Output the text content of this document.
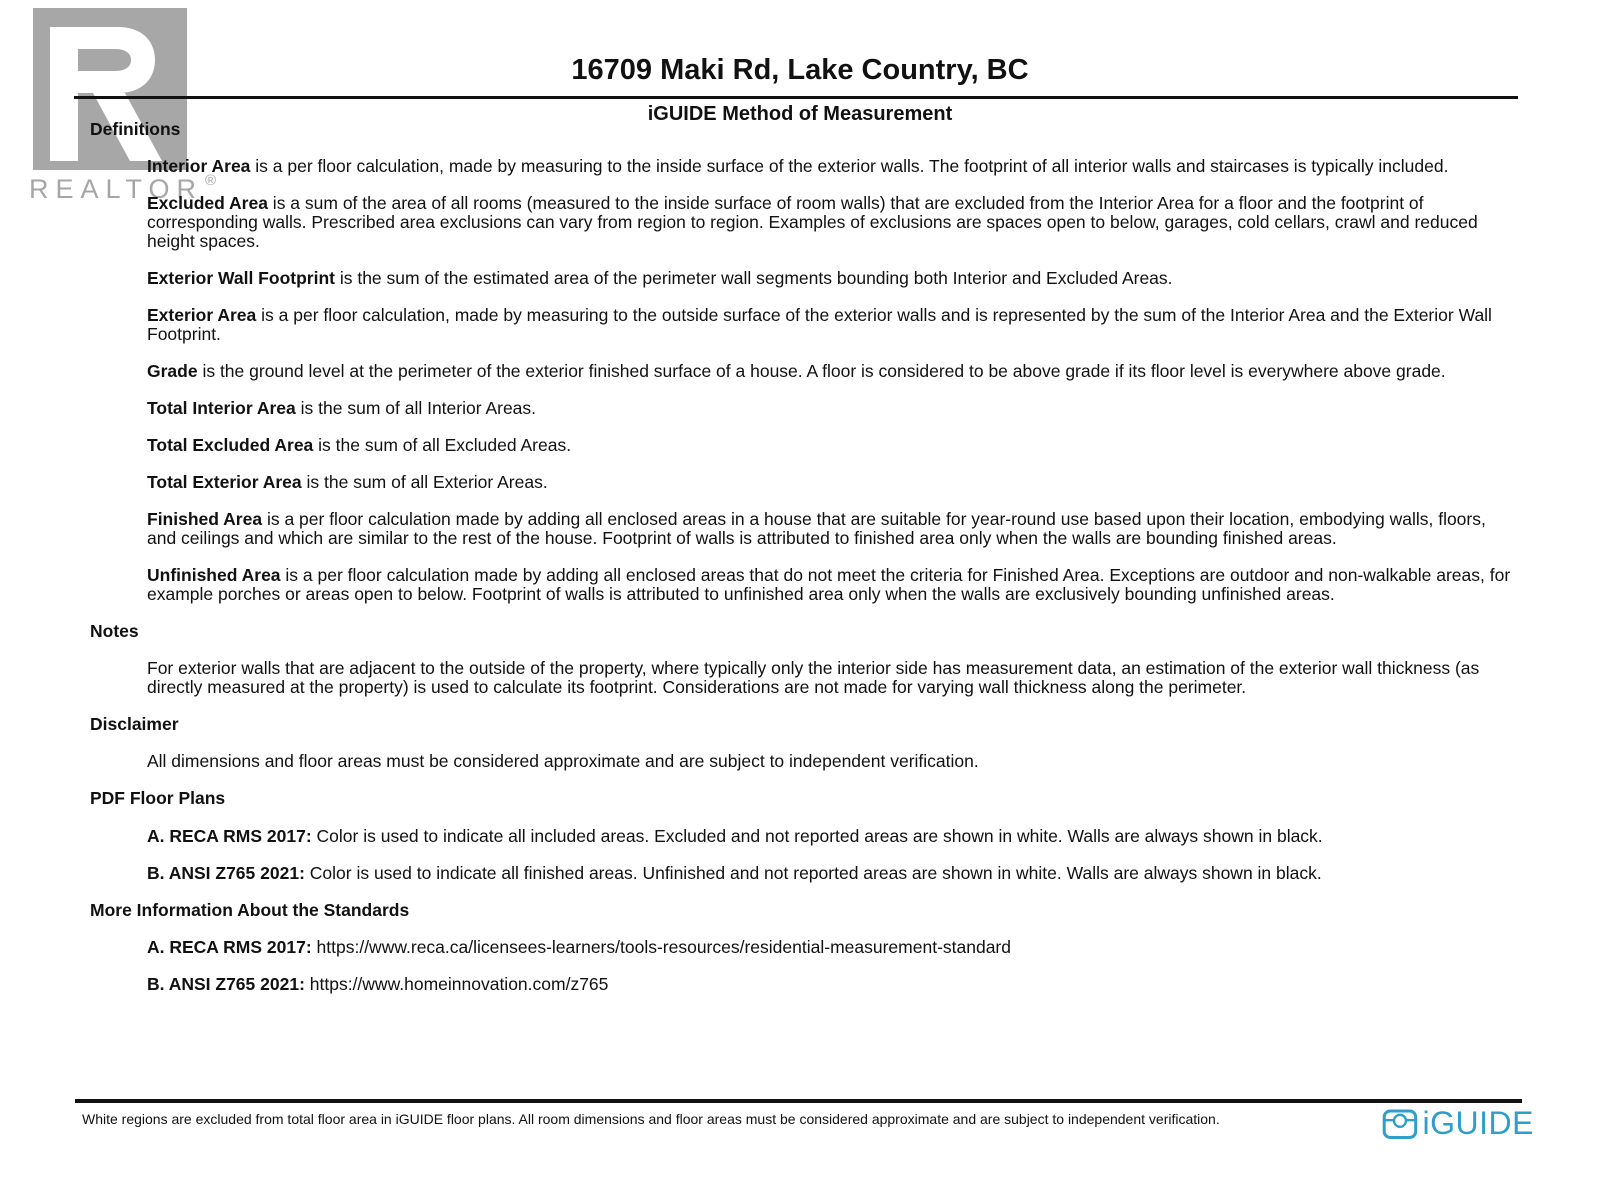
REALTOR ®
16709 Maki Rd, Lake Country, BC
iGUIDE Method of Measurement
Definitions

Interior Area is a per floor calculation, made by measuring to the inside surface of the exterior walls. The footprint of all interior walls and staircases is typically included.

Excluded Area is a sum of the area of all rooms (measured to the inside surface of room walls) that are excluded from the Interior Area for a floor and the footprint of corresponding walls. Prescribed area exclusions can vary from region to region. Examples of exclusions are spaces open to below, garages, cold cellars, crawl and reduced height spaces.

Exterior Wall Footprint is the sum of the estimated area of the perimeter wall segments bounding both Interior and Excluded Areas.

Exterior Area is a per floor calculation, made by measuring to the outside surface of the exterior walls and is represented by the sum of the Interior Area and the Exterior Wall Footprint.

Grade is the ground level at the perimeter of the exterior finished surface of a house. A floor is considered to be above grade if its floor level is everywhere above grade.

Total Interior Area is the sum of all Interior Areas.

Total Excluded Area is the sum of all Excluded Areas.

Total Exterior Area is the sum of all Exterior Areas.

Finished Area is a per floor calculation made by adding all enclosed areas in a house that are suitable for year-round use based upon their location, embodying walls, floors, and ceilings and which are similar to the rest of the house. Footprint of walls is attributed to finished area only when the walls are bounding finished areas.

Unfinished Area is a per floor calculation made by adding all enclosed areas that do not meet the criteria for Finished Area. Exceptions are outdoor and non-walkable areas, for example porches or areas open to below. Footprint of walls is attributed to unfinished area only when the walls are exclusively bounding unfinished areas.

Notes

For exterior walls that are adjacent to the outside of the property, where typically only the interior side has measurement data, an estimation of the exterior wall thickness (as directly measured at the property) is used to calculate its footprint. Considerations are not made for varying wall thickness along the perimeter.

Disclaimer

All dimensions and floor areas must be considered approximate and are subject to independent verification.

PDF Floor Plans

A. RECA RMS 2017: Color is used to indicate all included areas. Excluded and not reported areas are shown in white. Walls are always shown in black.

B. ANSI Z765 2021: Color is used to indicate all finished areas. Unfinished and not reported areas are shown in white. Walls are always shown in black.

More Information About the Standards

A. RECA RMS 2017: https://www.reca.ca/licensees-learners/tools-resources/residential-measurement-standard

B. ANSI Z765 2021: https://www.homeinnovation.com/z765

White regions are excluded from total floor area in iGUIDE floor plans. All room dimensions and floor areas must be considered approximate and are subject to independent verification.	iGUIDE
